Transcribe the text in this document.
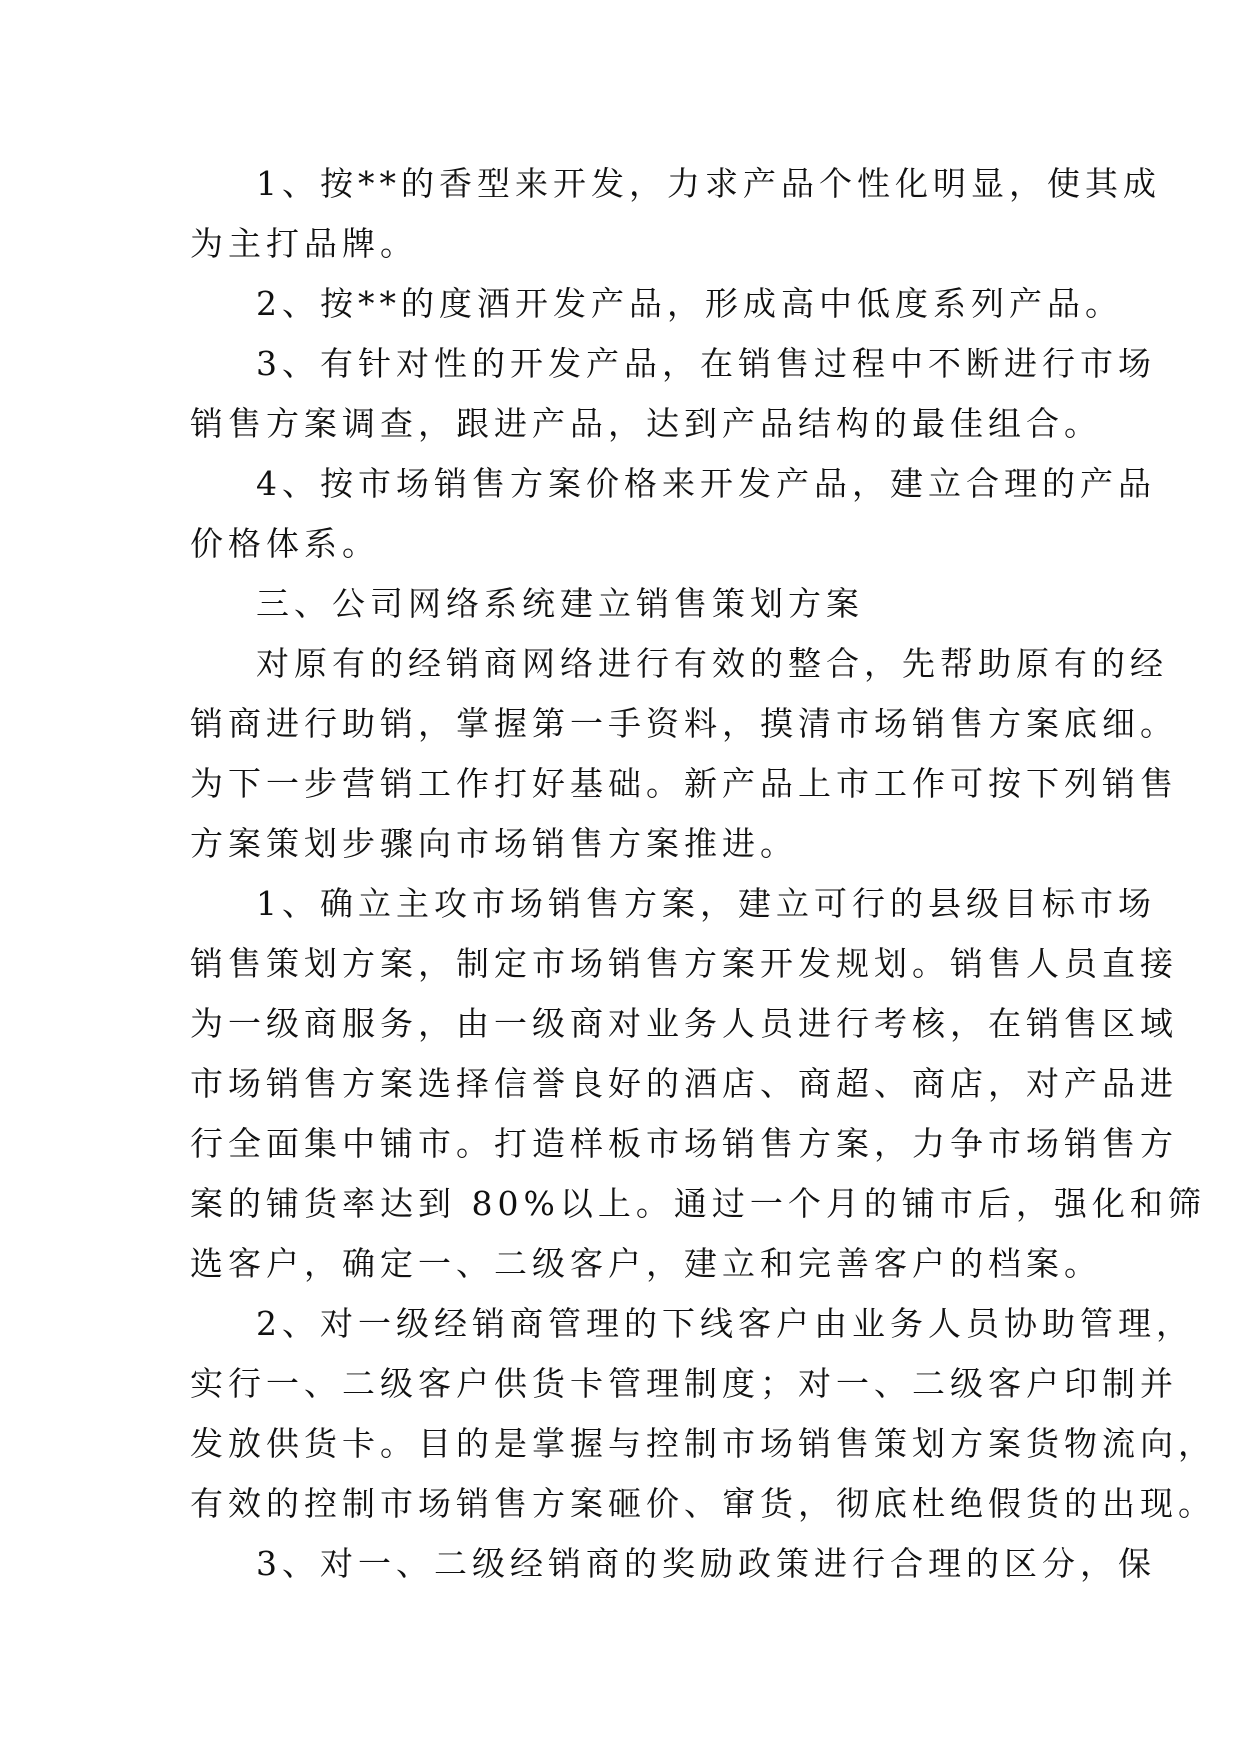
1、按**的香型来开发，力求产品个性化明显，使其成
为主打品牌。
2、按**的度酒开发产品，形成高中低度系列产品。
3、有针对性的开发产品，在销售过程中不断进行市场
销售方案调查，跟进产品，达到产品结构的最佳组合。
4、按市场销售方案价格来开发产品，建立合理的产品
价格体系。
三、公司网络系统建立销售策划方案
对原有的经销商网络进行有效的整合，先帮助原有的经
销商进行助销，掌握第一手资料，摸清市场销售方案底细。
为下一步营销工作打好基础。新产品上市工作可按下列销售
方案策划步骤向市场销售方案推进。
1、确立主攻市场销售方案，建立可行的县级目标市场
销售策划方案，制定市场销售方案开发规划。销售人员直接
为一级商服务，由一级商对业务人员进行考核，在销售区域
市场销售方案选择信誉良好的酒店、商超、商店，对产品进
行全面集中铺市。打造样板市场销售方案，力争市场销售方
案的铺货率达到 80%以上。通过一个月的铺市后，强化和筛
选客户，确定一、二级客户，建立和完善客户的档案。
2、对一级经销商管理的下线客户由业务人员协助管理，
实行一、二级客户供货卡管理制度；对一、二级客户印制并
发放供货卡。目的是掌握与控制市场销售策划方案货物流向，
有效的控制市场销售方案砸价、窜货，彻底杜绝假货的出现。
3、对一、二级经销商的奖励政策进行合理的区分，保
